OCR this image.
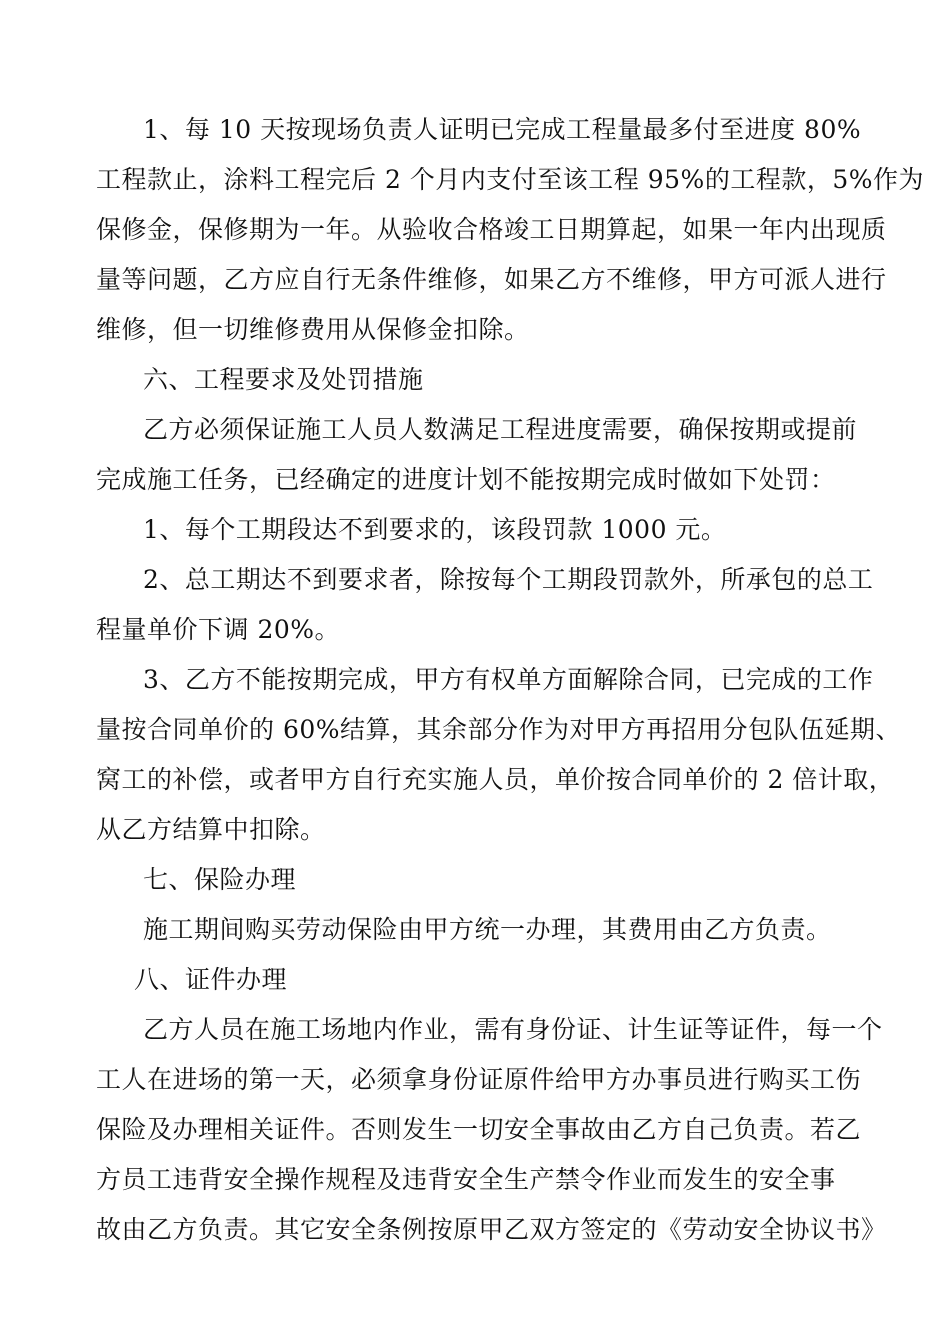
1、每 10 天按现场负责人证明已完成工程量最多付至进度 80%
工程款止，涂料工程完后 2 个月内支付至该工程 95%的工程款，5%作为
保修金，保修期为一年。从验收合格竣工日期算起，如果一年内出现质
量等问题，乙方应自行无条件维修，如果乙方不维修，甲方可派人进行
维修，但一切维修费用从保修金扣除。
六、工程要求及处罚措施
乙方必须保证施工人员人数满足工程进度需要，确保按期或提前
完成施工任务，已经确定的进度计划不能按期完成时做如下处罚：
1、每个工期段达不到要求的，该段罚款 1000 元。
2、总工期达不到要求者，除按每个工期段罚款外，所承包的总工
程量单价下调 20%。
3、乙方不能按期完成，甲方有权单方面解除合同，已完成的工作
量按合同单价的 60%结算，其余部分作为对甲方再招用分包队伍延期、
窝工的补偿，或者甲方自行充实施人员，单价按合同单价的 2 倍计取，
从乙方结算中扣除。
七、保险办理
施工期间购买劳动保险由甲方统一办理，其费用由乙方负责。
八、证件办理
乙方人员在施工场地内作业，需有身份证、计生证等证件，每一个
工人在进场的第一天，必须拿身份证原件给甲方办事员进行购买工伤
保险及办理相关证件。否则发生一切安全事故由乙方自己负责。若乙
方员工违背安全操作规程及违背安全生产禁令作业而发生的安全事
故由乙方负责。其它安全条例按原甲乙双方签定的《劳动安全协议书》
